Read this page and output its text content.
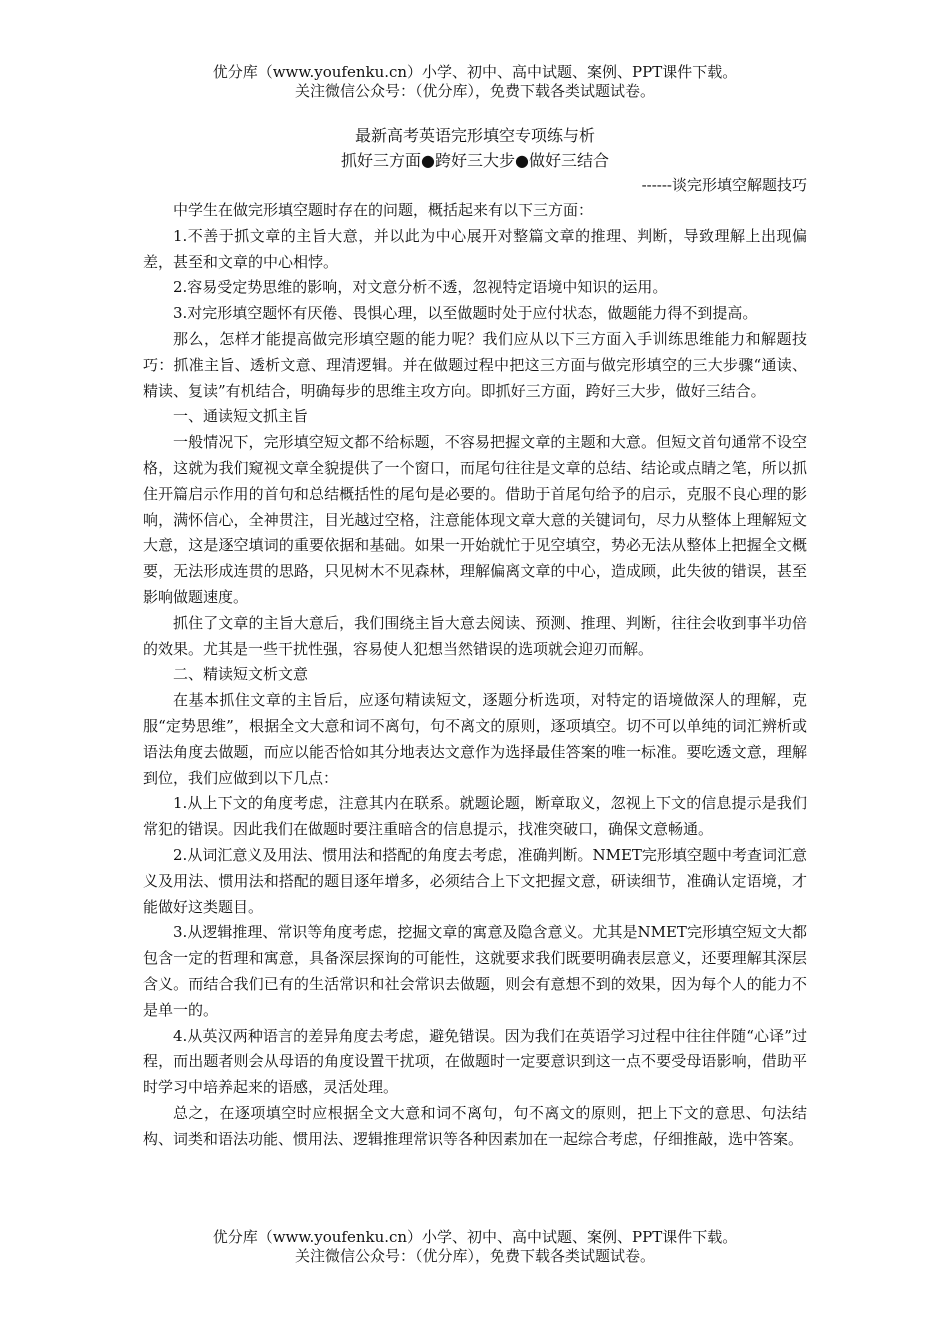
优分库（www.youfenku.cn）小学、初中、高中试题、案例、PPT课件下载。
关注微信公众号：（优分库），免费下载各类试题试卷。
最新高考英语完形填空专项练与析
抓好三方面●跨好三大步●做好三结合
------谈完形填空解题技巧

中学生在做完形填空题时存在的问题，概括起来有以下三方面：

1.不善于抓文章的主旨大意，并以此为中心展开对整篇文章的推理、判断，导致理解上出现偏差，甚至和文章的中心相悖。

2.容易受定势思维的影响，对文意分析不透，忽视特定语境中知识的运用。

3.对完形填空题怀有厌倦、畏惧心理，以至做题时处于应付状态，做题能力得不到提高。

那么，怎样才能提高做完形填空题的能力呢？我们应从以下三方面入手训练思维能力和解题技巧：抓准主旨、透析文意、理清逻辑。并在做题过程中把这三方面与做完形填空的三大步骤“通读、精读、复读”有机结合，明确每步的思维主攻方向。即抓好三方面，跨好三大步，做好三结合。

一、通读短文抓主旨

一般情况下，完形填空短文都不给标题，不容易把握文章的主题和大意。但短文首句通常不设空格，这就为我们窥视文章全貌提供了一个窗口，而尾句往往是文章的总结、结论或点睛之笔，所以抓住开篇启示作用的首句和总结概括性的尾句是必要的。借助于首尾句给予的启示，克服不良心理的影响，满怀信心，全神贯注，目光越过空格，注意能体现文章大意的关键词句，尽力从整体上理解短文大意，这是逐空填词的重要依据和基础。如果一开始就忙于见空填空，势必无法从整体上把握全文概要，无法形成连贯的思路，只见树木不见森林，理解偏离文章的中心，造成顾，此失彼的错误，甚至影响做题速度。

抓住了文章的主旨大意后，我们围绕主旨大意去阅读、预测、推理、判断，往往会收到事半功倍的效果。尤其是一些干扰性强，容易使人犯想当然错误的选项就会迎刃而解。

二、精读短文析文意

在基本抓住文章的主旨后，应逐句精读短文，逐题分析选项，对特定的语境做深人的理解，克服“定势思维”，根据全文大意和词不离句，句不离文的原则，逐项填空。切不可以单纯的词汇辨析或语法角度去做题，而应以能否恰如其分地表达文意作为选择最佳答案的唯一标准。要吃透文意，理解到位，我们应做到以下几点：

1.从上下文的角度考虑，注意其内在联系。就题论题，断章取义，忽视上下文的信息提示是我们常犯的错误。因此我们在做题时要注重暗含的信息提示，找准突破口，确保文意畅通。

2.从词汇意义及用法、惯用法和搭配的角度去考虑，准确判断。NMET完形填空题中考查词汇意义及用法、惯用法和搭配的题目逐年增多，必须结合上下文把握文意，研读细节，准确认定语境，才能做好这类题目。

3.从逻辑推理、常识等角度考虑，挖掘文章的寓意及隐含意义。尤其是NMET完形填空短文大都包含一定的哲理和寓意，具备深层探询的可能性，这就要求我们既要明确表层意义，还要理解其深层含义。而结合我们已有的生活常识和社会常识去做题，则会有意想不到的效果，因为每个人的能力不是单一的。

4.从英汉两种语言的差异角度去考虑，避免错误。因为我们在英语学习过程中往往伴随“心译”过程，而出题者则会从母语的角度设置干扰项，在做题时一定要意识到这一点不要受母语影响，借助平时学习中培养起来的语感，灵活处理。

总之，在逐项填空时应根据全文大意和词不离句，句不离文的原则，把上下文的意思、句法结构、词类和语法功能、惯用法、逻辑推理常识等各种因素加在一起综合考虑，仔细推敲，选中答案。

优分库（www.youfenku.cn）小学、初中、高中试题、案例、PPT课件下载。
关注微信公众号：（优分库），免费下载各类试题试卷。
